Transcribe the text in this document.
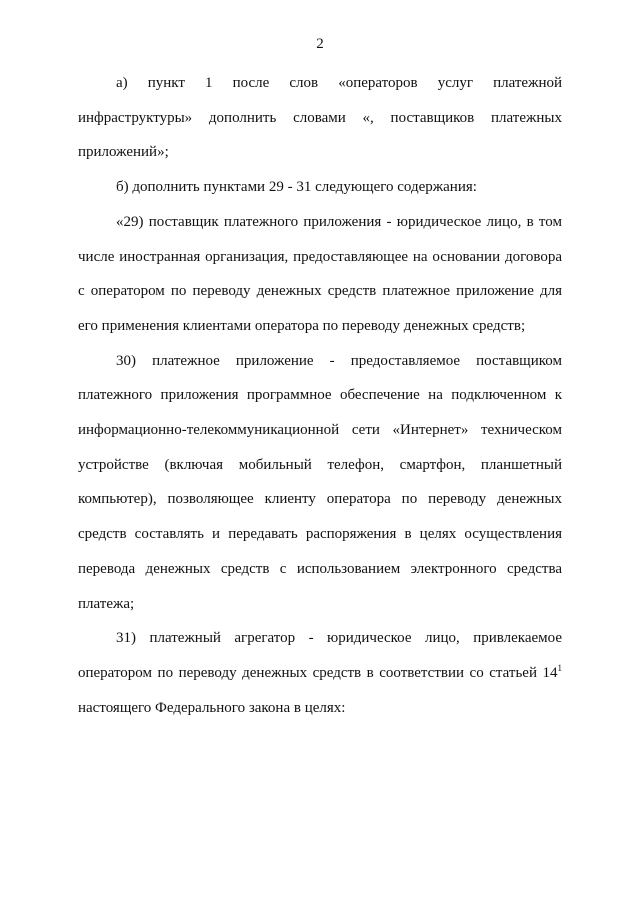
2

а) пункт 1 после слов «операторов услуг платежной инфраструктуры» дополнить словами «, поставщиков платежных приложений»;

б) дополнить пунктами 29 - 31 следующего содержания:

«29) поставщик платежного приложения - юридическое лицо, в том числе иностранная организация, предоставляющее на основании договора с оператором по переводу денежных средств платежное приложение для его применения клиентами оператора по переводу денежных средств;

30) платежное приложение - предоставляемое поставщиком платежного приложения программное обеспечение на подключенном к информационно-телекоммуникационной сети «Интернет» техническом устройстве (включая мобильный телефон, смартфон, планшетный компьютер), позволяющее клиенту оператора по переводу денежных средств составлять и передавать распоряжения в целях осуществления перевода денежных средств с использованием электронного средства платежа;

31) платежный агрегатор - юридическое лицо, привлекаемое оператором по переводу денежных средств в соответствии со статьей $14^1$ настоящего Федерального закона в целях:
